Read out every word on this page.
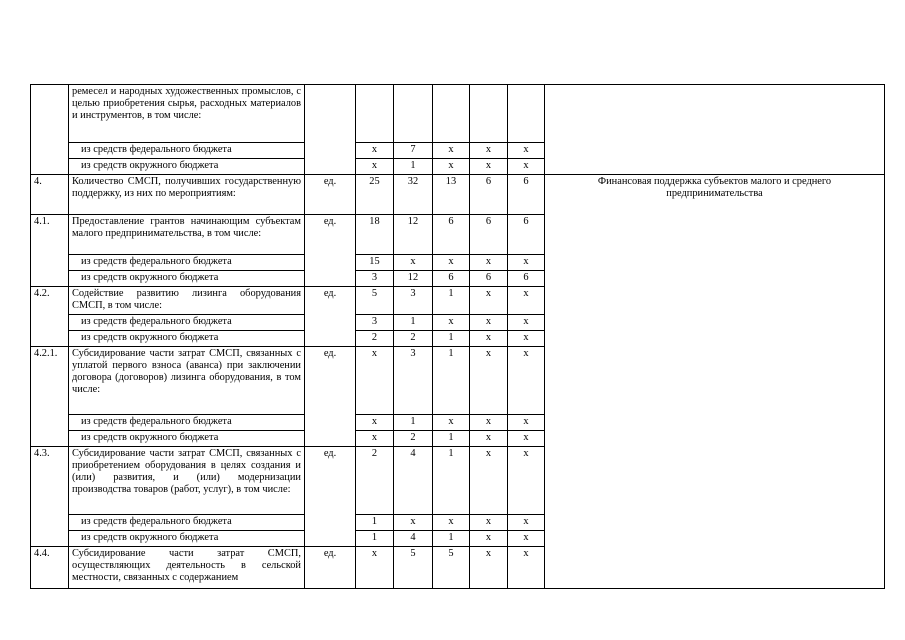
	ремесел и народных художественных промыслов, с целью приобретения сырья, расходных материалов и инструментов, в том числе:							
	из средств федерального бюджета		x	7	x	x	x	
	из средств окружного бюджета		x	1	x	x	x	
4.	Количество СМСП, получивших государственную поддержку, из них по мероприятиям:	ед.	25	32	13	6	6	Финансовая поддержка субъектов малого и среднего предпринимательства
4.1.	Предоставление грантов начинающим субъектам малого предпринимательства, в том числе:	ед.	18	12	6	6	6	
	из средств федерального бюджета		15	x	x	x	x	
	из средств окружного бюджета		3	12	6	6	6	
4.2.	Содействие развитию лизинга оборудования СМСП, в том числе:	ед.	5	3	1	x	x	
	из средств федерального бюджета		3	1	x	x	x	
	из средств окружного бюджета		2	2	1	x	x	
4.2.1.	Субсидирование части затрат СМСП, связанных с уплатой первого взноса (аванса) при заключении договора (договоров) лизинга оборудования, в том числе:	ед.	x	3	1	x	x	
	из средств федерального бюджета		x	1	x	x	x	
	из средств окружного бюджета		x	2	1	x	x	
4.3.	Субсидирование части затрат СМСП, связанных с приобретением оборудования в целях создания и (или) развития, и (или) модернизации производства товаров (работ, услуг), в том числе:	ед.	2	4	1	x	x	
	из средств федерального бюджета		1	x	x	x	x	
	из средств окружного бюджета		1	4	1	x	x	
4.4.	Субсидирование части затрат СМСП, осуществляющих деятельность в сельской местности, связанных с содержанием	ед.	x	5	5	x	x	
